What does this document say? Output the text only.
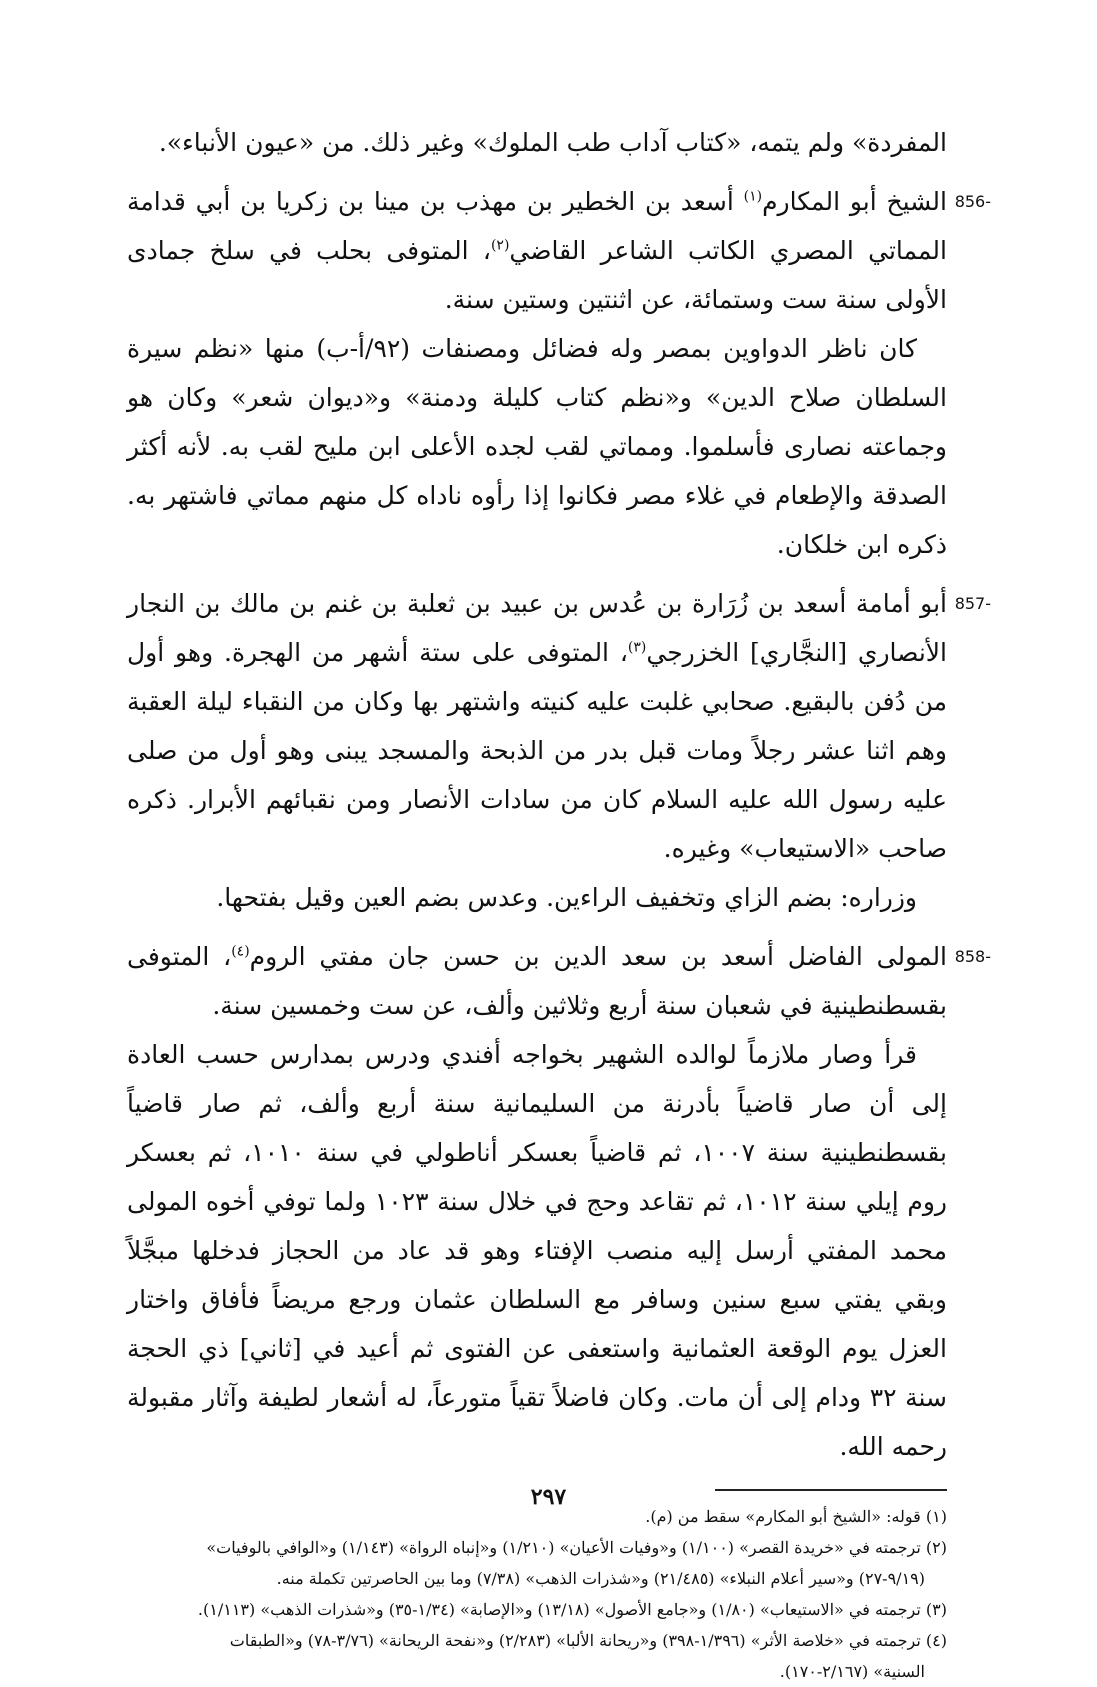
المفردة» ولم يتمه، «كتاب آداب طب الملوك» وغير ذلك. من «عيون الأنباء».

856-

الشيخ أبو المكارم$^{(١)}$ أسعد بن الخطير بن مهذب بن مينا بن زكريا بن أبي قدامة المماتي المصري الكاتب الشاعر القاضي$^{(٢)}$، المتوفى بحلب في سلخ جمادى الأولى سنة ست وستمائة، عن اثنتين وستين سنة.

كان ناظر الدواوين بمصر وله فضائل ومصنفات (٩٢/أ-ب) منها «نظم سيرة السلطان صلاح الدين» و«نظم كتاب كليلة ودمنة» و«ديوان شعر» وكان هو وجماعته نصارى فأسلموا. ومماتي لقب لجده الأعلى ابن مليح لقب به. لأنه أكثر الصدقة والإطعام في غلاء مصر فكانوا إذا رأوه ناداه كل منهم مماتي فاشتهر به. ذكره ابن خلكان.

857-

أبو أمامة أسعد بن زُرَارة بن عُدس بن عبيد بن ثعلبة بن غنم بن مالك بن النجار الأنصاري [النجَّاري] الخزرجي$^{(٣)}$، المتوفى على ستة أشهر من الهجرة. وهو أول من دُفن بالبقيع. صحابي غلبت عليه كنيته واشتهر بها وكان من النقباء ليلة العقبة وهم اثنا عشر رجلاً ومات قبل بدر من الذبحة والمسجد يبنى وهو أول من صلى عليه رسول الله عليه السلام كان من سادات الأنصار ومن نقبائهم الأبرار. ذكره صاحب «الاستيعاب» وغيره.

وزراره: بضم الزاي وتخفيف الراءين. وعدس بضم العين وقيل بفتحها.

858-

المولى الفاضل أسعد بن سعد الدين بن حسن جان مفتي الروم$^{(٤)}$، المتوفى بقسطنطينية في شعبان سنة أربع وثلاثين وألف، عن ست وخمسين سنة.

قرأ وصار ملازماً لوالده الشهير بخواجه أفندي ودرس بمدارس حسب العادة إلى أن صار قاضياً بأدرنة من السليمانية سنة أربع وألف، ثم صار قاضياً بقسطنطينية سنة ١٠٠٧، ثم قاضياً بعسكر أناطولي في سنة ١٠١٠، ثم بعسكر روم إيلي سنة ١٠١٢، ثم تقاعد وحج في خلال سنة ١٠٢٣ ولما توفي أخوه المولى محمد المفتي أرسل إليه منصب الإفتاء وهو قد عاد من الحجاز فدخلها مبجَّلاً وبقي يفتي سبع سنين وسافر مع السلطان عثمان ورجع مريضاً فأفاق واختار العزل يوم الوقعة العثمانية واستعفى عن الفتوى ثم أعيد في [ثاني] ذي الحجة سنة ٣٢ ودام إلى أن مات. وكان فاضلاً تقياً متورعاً، له أشعار لطيفة وآثار مقبولة رحمه الله.

(١) قوله: «الشيخ أبو المكارم» سقط من (م).

(٢) ترجمته في «خريدة القصر» (١/١٠٠) و«وفيات الأعيان» (١/٢١٠) و«إنباه الرواة» (١/١٤٣) و«الوافي بالوفيات»

(٩/١٩-٢٧) و«سير أعلام النبلاء» (٢١/٤٨٥) و«شذرات الذهب» (٧/٣٨) وما بين الحاصرتين تكملة منه.

(٣) ترجمته في «الاستيعاب» (١/٨٠) و«جامع الأصول» (١٣/١٨) و«الإصابة» (١/٣٤-٣٥) و«شذرات الذهب» (١/١١٣).

(٤) ترجمته في «خلاصة الأثر» (١/٣٩٦-٣٩٨) و«ريحانة الألبا» (٢/٢٨٣) و«نفحة الريحانة» (٣/٧٦-٧٨) و«الطبقات

السنية» (٢/١٦٧-١٧٠).

٢٩٧
